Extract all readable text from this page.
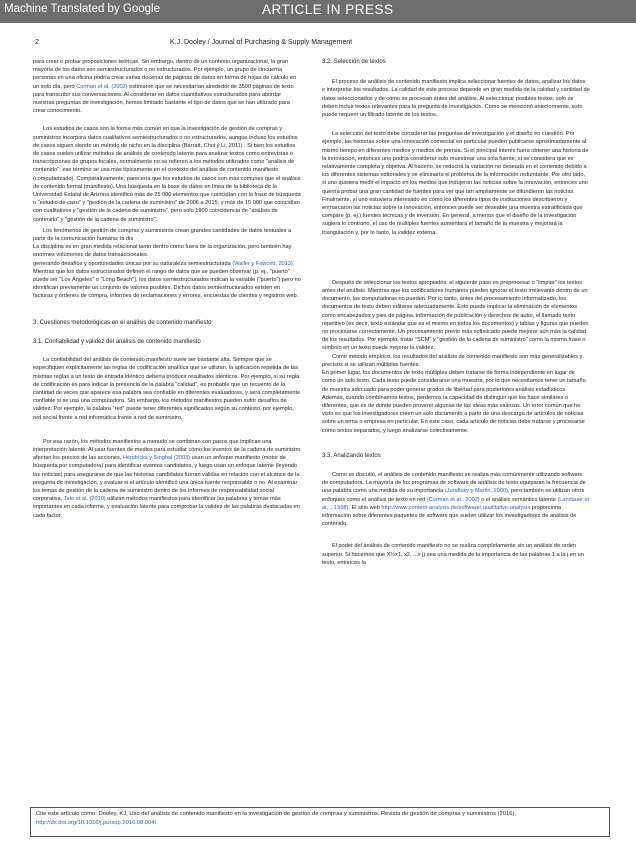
Machine Translated by Google	ARTICLE IN PRESS
2	K.J. Dooley / Journal of Purchasing & Supply Management

para crear o probar proposiciones teóricas. Sin embargo, dentro de un contexto organizacional, la gran mayoría de los datos son semiestructurados o no estructurados. Por ejemplo, un grupo de cincuenta personas en una oficina podría crear varias docenas de páginas de datos en forma de hojas de cálculo en un solo día, pero Corman et al. (2002) estimaron que se necesitarían alrededor de 3500 páginas de texto para transcribir sus conversaciones. Al considerar en datos cuantitativos estructurados para abordar nuestras preguntas de investigación, hemos limitado bastante el tipo de datos que se han utilizado para crear conocimiento.

Los estudios de casos son la forma más común en que la investigación de gestión de compras y suministros incorpora datos cualitativos semiestructurados o no estructurados, aunque incluso los estudios de casos siguen siendo un método de nicho en la disciplina (Barratt, Choi y Li, 2011) . Si bien los estudios de casos suelen utilizar métodos de análisis de contenido latente para analizar textos como entrevistas o transcripciones de grupos focales, normalmente no se refieren a los métodos utilizados como "análisis de contenido"; ese término se usa más típicamente en el contexto del análisis de contenido manifiesto (computarizado). Comparativamente, parecería que los estudios de casos son más comunes que el análisis de contenido formal (manifiesto). Una búsqueda en la base de datos en línea de la biblioteca de la Universidad Estatal de Arizona identificó más de 25 000 elementos que coincidían con la frase de búsqueda o "estudio de caso" y "gestión de la cadena de suministro" de 2006 a 2015, y más de 15 000 que coincidían con cualitativos y "gestión de la cadena de suministro", pero solo 1900 coincidencia de "análisis de contenido" y "gestión de la cadena de suministro".

Los fenómenos de gestión de compras y suministros crean grandes cantidades de datos textuales a partir de la comunicación humana: la dis

La disciplina es en gran medida relacional tanto dentro como fuera de la organización, pero también hay enormes volúmenes de datos transaccionales.

generando desafíos y oportunidades únicas por su naturaleza semiestructurada (Waller y Fawcett, 2013).

Mientras que los datos estructurados definen el rango de datos que se pueden observar (p. ej., "puerto" puede ser "Los Ángeles" o "Long Beach"), los datos semiestructurados indican la variable ("puerto") pero no identifican previamente un conjunto de valores posibles. Dichos datos semiestructurados existen en facturas y órdenes de compra, informes de reclamaciones y errores, encuestas de clientes y registros web.

3. Cuestiones metodológicas en el análisis de contenido manifiesto

3.1. Confiabilidad y validez del análisis de contenido manifiesto

La confiabilidad del análisis de contenido manifiesto suele ser bastante alta. Siempre que se especifiquen explícitamente las reglas de codificación analítica que se utilizan, la aplicación repetida de las mismas reglas a un texto de entrada idéntico debería producir resultados idénticos. Por ejemplo, si su regla de codificación es para indicar la presencia de la palabra "calidad", es probable que un recuento de la cantidad de veces que aparece esa palabra sea confiable en diferentes evaluadores, y será completamente confiable si se usa una computadora. Sin embargo, los métodos manifiestos pueden sufrir desafíos de validez. Por ejemplo, la palabra "red" puede tener diferentes significados según su contexto, por ejemplo, red social frente a red informática frente a red de suministro.

Por esa razón, los métodos manifiestos a menudo se combinan con pasos que implican una interpretación latente. Al usar fuentes de medios para estudiar cómo los eventos de la cadena de suministro afectan los precios de las acciones, Hendricks y Singhal (2003) usan un enfoque manifiesto (motor de búsqueda por computadora) para identificar eventos candidatos, y luego usan un enfoque latente (leyendo las noticias) para asegurarse de que las historias candidatas fueran válidas en relación con el alcance de la pregunta de investigación, y evaluar si el artículo identificó una única fuente responsable o no. Al examinar los temas de gestión de la cadena de suministro dentro de los informes de responsabilidad social corporativa, Tate et al. (2010) utilizan métodos manifiestos para identificar las palabras y temas más importantes en cada informe, y evaluación latente para comprobar la validez de las palabras destacadas en cada factor.

3.2. Selección de textos

El proceso de análisis de contenido manifiesto implica seleccionar fuentes de datos, analizar los datos e interpretar los resultados. La calidad de este proceso depende en gran medida de la calidad y cantidad de datos seleccionados y de cómo se procesan antes del análisis. Al seleccionar posibles textos, solo se deben incluir textos relevantes para la pregunta de investigación. Como se mencionó anteriormente, esto puede requerir un filtrado latente de los textos.

La selección del texto debe considerar las preguntas de investigación y el diseño en cuestión. Por ejemplo, las historias sobre una innovación comercial en particular pueden publicarse aproximadamente al mismo tiempo en diferentes medios y medios de prensa. Si el principal interés fuera obtener una historia de la innovación, entonces uno podría considerar solo muestrear una sola fuente, si se considera que es relativamente completa y objetiva. Al hacerlo, se reducirá la variación no deseada en el contenido debido a los diferentes sistemas editoriales y se eliminaría el problema de la información redundante. Por otro lado, si uno quisiera medir el impacto en los medios que indujeron las noticias sobre la innovación, entonces uno querría probar una gran cantidad de fuentes para ver qué tan ampliamente se difundieron las noticias. Finalmente, si uno estuviera interesado en cómo los diferentes tipos de instituciones describieron y enmarcaron las noticias sobre la innovación, entonces puede ser deseable una muestra estratificada que compare (p. ej.) fuentes técnicas y de inversión. En general, a menos que el diseño de la investigación sugiera lo contrario, el uso de múltiples fuentes aumentará el tamaño de la muestra y mejorará la triangulación y, por lo tanto, la validez externa.

Después de seleccionar los textos apropiados, el siguiente paso es preprocesar o "limpiar" los textos antes del análisis. Mientras que los codificadores humanos pueden ignorar el texto irrelevante dentro de un documento, las computadoras no pueden. Por lo tanto, antes del procesamiento informatizado, los documentos de texto deben editarse adecuadamente. Esto puede implicar la eliminación de elementos como encabezados y pies de página, información de publicación y derechos de autor, el llamado texto repetitivo (es decir, texto estándar que es el mismo en todos los documentos) y tablas y figuras que pueden no procesarse correctamente. Un procesamiento previo más sofisticado puede mejorar aún más la calidad de los resultados. Por ejemplo, tratar "SCM" y "gestión de la cadena de suministro" como la misma frase o símbolo en un texto puede mejorar la validez.

Como método empírico, los resultados del análisis de contenido manifiesto son más generalizables y precisos si se utilizan múltiples fuentes.

En primer lugar, los documentos de texto múltiples deben tratarse de forma independiente en lugar de como un solo texto. Cada texto puede considerarse una muestra, por lo que necesitamos tener un tamaño de muestra adecuado para poder generar grados de libertad para posteriores análisis estadísticos. Además, cuando combinamos textos, perdemos la capacidad de distinguir qué los hace similares o diferentes, que es de donde pueden provenir algunas de las ideas más valiosas. Un error común que he visto es que los investigadores creen un solo documento a partir de una descarga de artículos de noticias sobre un tema o empresa en particular. En este caso, cada artículo de noticias debe tratarse y procesarse como textos separados, y luego analizarse colectivamente.

3.3. Analizando textos

Como se discutió, el análisis de contenido manifiesto se realiza más comúnmente utilizando software de computadora. La mayoría de los programas de software de análisis de texto equiparan la frecuencia de una palabra como una medida de su importancia (Juraftsky y Martin, 2000), pero también se utilizan otros enfoques como el análisis de texto en red (Corman et al., 2002) o el análisis semántico latente (Landauer et al. ., 1998). El sitio web http://www.content-analysis.de/software/ qualitative-analysis proporciona información sobre diferentes paquetes de software que suelen utilizar los investigadores de análisis de contenido.

El poder del análisis de contenido manifiesto no se realiza completamente sin un análisis de orden superior. Si hacemos que X½x1, x2, ...x j) sea una medida de la importancia de las palabras 1 a la j en un texto, entonces la

Cite este artículo como: Dooley, KJ, Uso del análisis de contenido manifiesto en la investigación de gestión de compras y suministros. Revista de gestión de compras y suministros (2016), http://dx.doi.org/10.1016/j.pursup.2016.08.004i
